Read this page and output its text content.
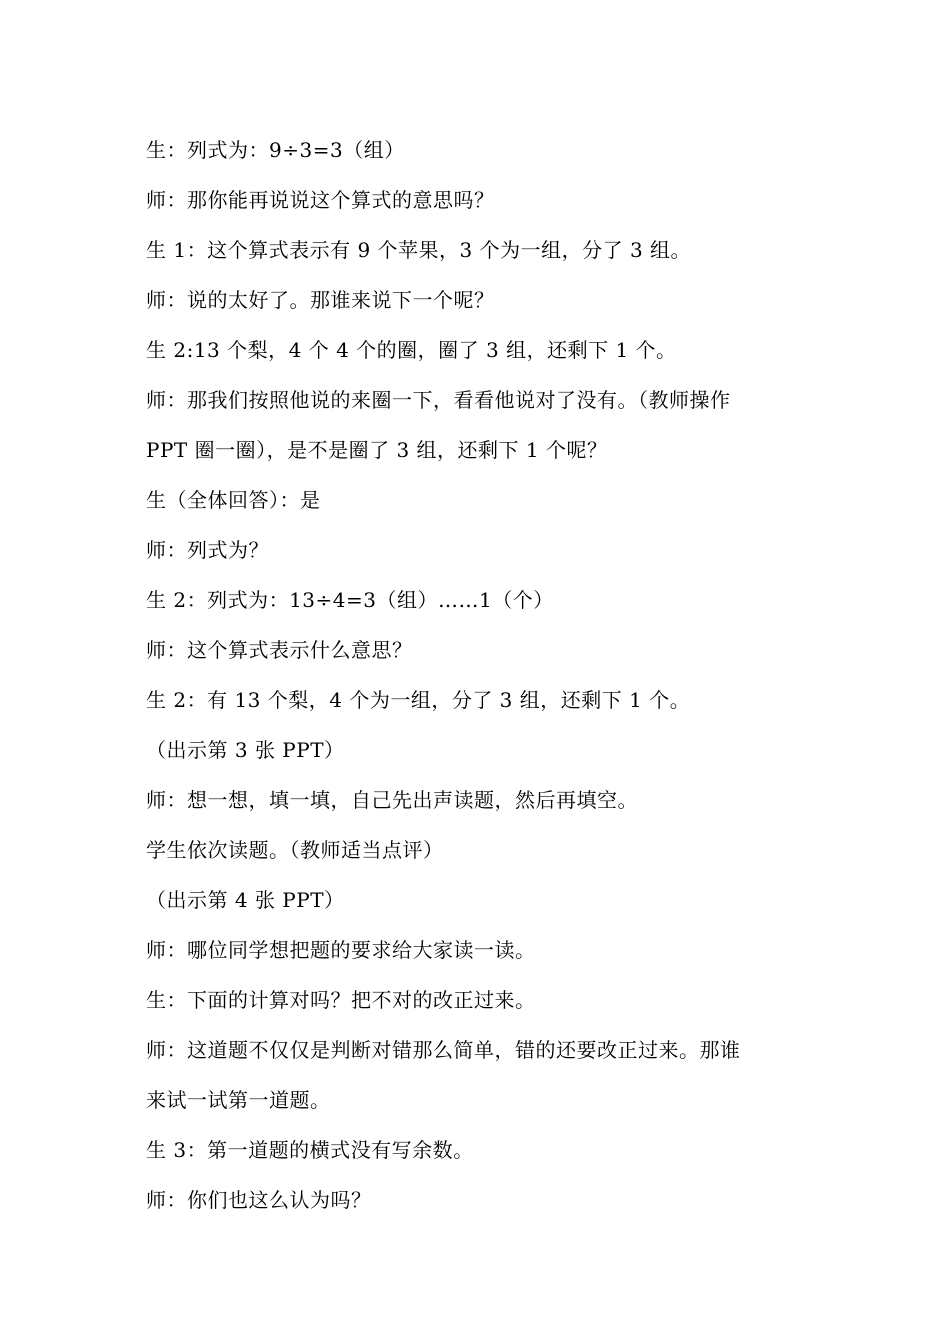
生：列式为：9÷3=3（组）
师：那你能再说说这个算式的意思吗？
生 1：这个算式表示有 9 个苹果，3 个为一组，分了 3 组。
师：说的太好了。那谁来说下一个呢？
生 2:13 个梨，4 个 4 个的圈，圈了 3 组，还剩下 1 个。
师：那我们按照他说的来圈一下，看看他说对了没有。（教师操作
PPT 圈一圈），是不是圈了 3 组，还剩下 1 个呢？
生（全体回答）：是
师：列式为？
生 2：列式为：13÷4=3（组）……1（个）
师：这个算式表示什么意思？
生 2：有 13 个梨，4 个为一组，分了 3 组，还剩下 1 个。
（出示第 3 张 PPT）
师：想一想，填一填，自己先出声读题，然后再填空。
学生依次读题。（教师适当点评）
（出示第 4 张 PPT）
师：哪位同学想把题的要求给大家读一读。
生：下面的计算对吗？把不对的改正过来。
师：这道题不仅仅是判断对错那么简单，错的还要改正过来。那谁
来试一试第一道题。
生 3：第一道题的横式没有写余数。
师：你们也这么认为吗？
